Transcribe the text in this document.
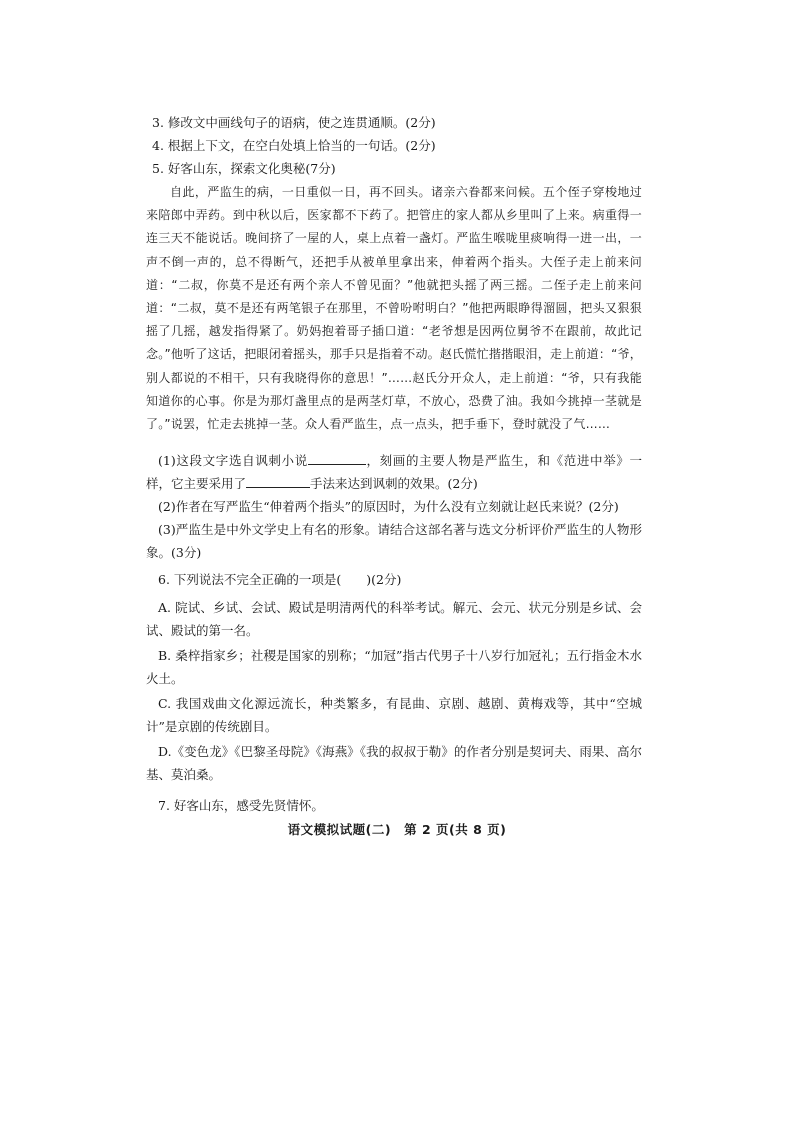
3. 修改文中画线句子的语病，使之连贯通顺。(2分)
4. 根据上下文，在空白处填上恰当的一句话。(2分)
5. 好客山东，探索文化奥秘(7分)

自此，严监生的病，一日重似一日，再不回头。诸亲六眷都来问候。五个侄子穿梭地过来陪郎中弄药。到中秋以后，医家都不下药了。把管庄的家人都从乡里叫了上来。病重得一连三天不能说话。晚间挤了一屋的人，桌上点着一盏灯。严监生喉咙里痰响得一进一出，一声不倒一声的，总不得断气，还把手从被单里拿出来，伸着两个指头。大侄子走上前来问道：“二叔，你莫不是还有两个亲人不曾见面？”他就把头摇了两三摇。二侄子走上前来问道：“二叔，莫不是还有两笔银子在那里，不曾吩咐明白？”他把两眼睁得溜圆，把头又狠狠摇了几摇，越发指得紧了。奶妈抱着哥子插口道：“老爷想是因两位舅爷不在跟前，故此记念。”他听了这话，把眼闭着摇头，那手只是指着不动。赵氏慌忙揩揩眼泪，走上前道：“爷，别人都说的不相干，只有我晓得你的意思！”……赵氏分开众人，走上前道：“爷，只有我能知道你的心事。你是为那灯盏里点的是两茎灯草，不放心，恐费了油。我如今挑掉一茎就是了。”说罢，忙走去挑掉一茎。众人看严监生，点一点头，把手垂下，登时就没了气……

(1)这段文字选自讽刺小说	，刻画的主要人物是严监生，和《范进中举》一样，它主要采用了	手法来达到讽刺的效果。(2分)
(2)作者在写严监生“伸着两个指头”的原因时，为什么没有立刻就让赵氏来说？(2分)
(3)严监生是中外文学史上有名的形象。请结合这部名著与选文分析评价严监生的人物形象。(3分)
6. 下列说法不完全正确的一项是(　　)(2分)
A. 院试、乡试、会试、殿试是明清两代的科举考试。解元、会元、状元分别是乡试、会试、殿试的第一名。
B. 桑梓指家乡；社稷是国家的别称；“加冠”指古代男子十八岁行加冠礼；五行指金木水火土。
C. 我国戏曲文化源远流长，种类繁多，有昆曲、京剧、越剧、黄梅戏等，其中“空城计”是京剧的传统剧目。
D.《变色龙》《巴黎圣母院》《海燕》《我的叔叔于勒》的作者分别是契诃夫、雨果、高尔基、莫泊桑。
7. 好客山东，感受先贤情怀。
语文模拟试题(二)　第 2 页(共 8 页)
